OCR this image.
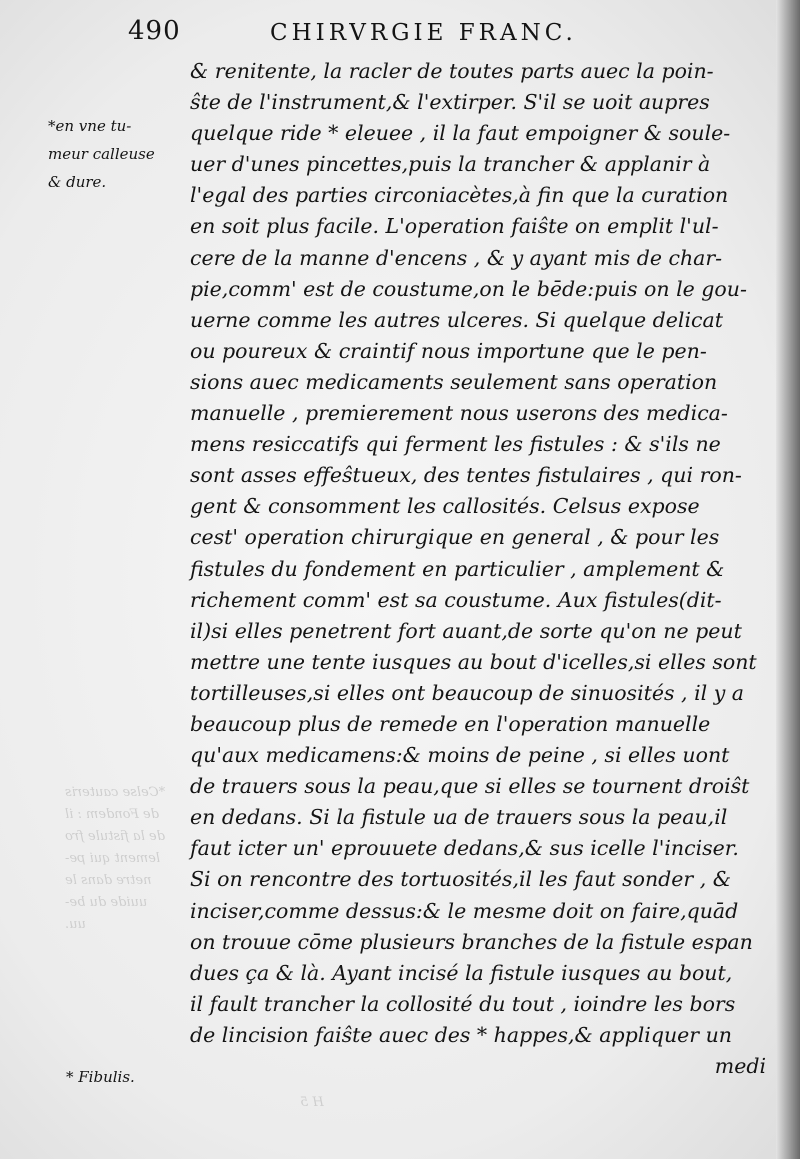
*Celse cauteris
de Fondem : il
de la fistule fro
lement qui pe-
netre dans le
uuide du be-
uu.
H 5
490	CHIRVRGIE FRANC.
*en vne tu-
meur calleuse
& dure.
* Fibulis.
& renitente, la racler de toutes parts auec la poin-
ŝte de l'instrument,& l'extirper. S'il se uoit aupres
quelque ride * eleuee , il la faut empoigner & soule-
uer d'unes pincettes,puis la trancher & applanir à
l'egal des parties circoniacètes,à fin que la curation
en soit plus facile. L'operation faiŝte on emplit l'ul-
cere de la manne d'encens , & y ayant mis de char-
pie,comm' est de coustume,on le bēde:puis on le gou-
uerne comme les autres ulceres. Si quelque delicat
ou poureux & craintif nous importune que le pen-
sions auec medicaments seulement sans operation
manuelle , premierement nous userons des medica-
mens resiccatifs qui ferment les fistules : & s'ils ne
sont asses effeŝtueux, des tentes fistulaires , qui ron-
gent & consomment les callosités. Celsus expose
cest' operation chirurgique en general , & pour les
fistules du fondement en particulier , amplement &
richement comm' est sa coustume. Aux fistules(dit-
il)si elles penetrent fort auant,de sorte qu'on ne peut
mettre une tente iusques au bout d'icelles,si elles sont
tortilleuses,si elles ont beaucoup de sinuosités , il y a
beaucoup plus de remede en l'operation manuelle
qu'aux medicamens:& moins de peine , si elles uont
de trauers sous la peau,que si elles se tournent droiŝt
en dedans. Si la fistule ua de trauers sous la peau,il
faut icter un' eprouuete dedans,& sus icelle l'inciser.
Si on rencontre des tortuosités,il les faut sonder , &
inciser,comme dessus:& le mesme doit on faire,quād
on trouue cōme plusieurs branches de la fistule espan
dues ça & là. Ayant incisé la fistule iusques au bout,
il fault trancher la collosité du tout , ioindre les bors
de lincision faiŝte auec des * happes,& appliquer un
medi
